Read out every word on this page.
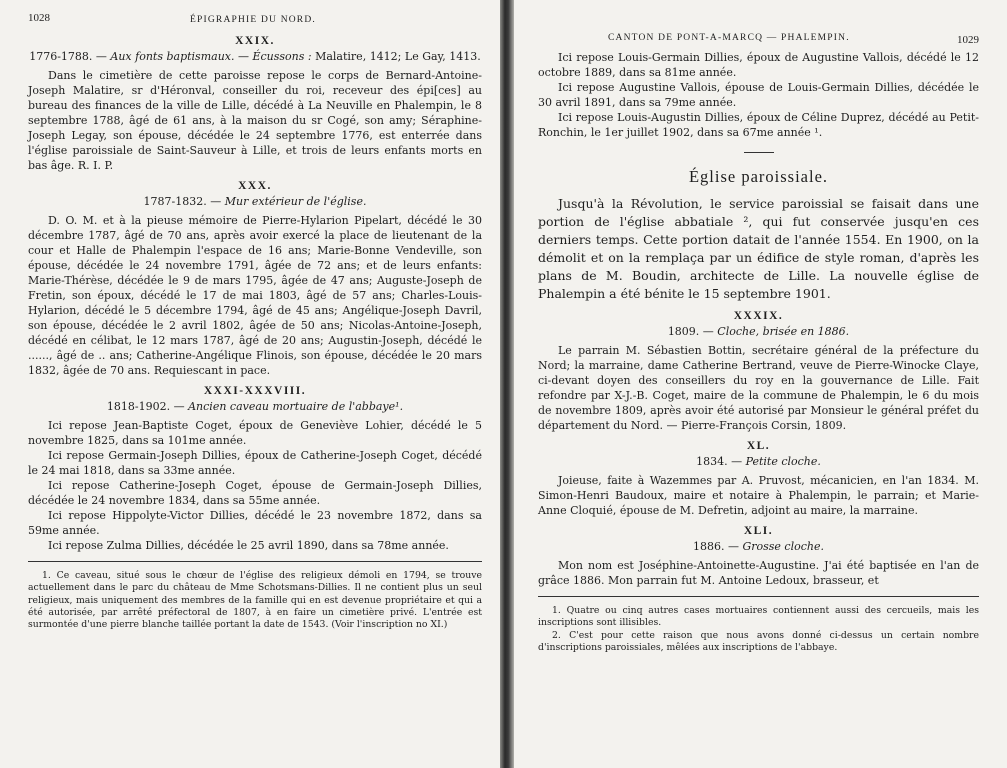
1028	ÉPIGRAPHIE DU NORD.
XXIX.
1776-1788. — Aux fonts baptismaux. — Écussons : Malatire, 1412; Le Gay, 1413.

Dans le cimetière de cette paroisse repose le corps de Bernard-Antoine-Joseph Malatire, sr d'Héronval, conseiller du roi, receveur des épi[ces] au bureau des finances de la ville de Lille, décédé à La Neuville en Phalempin, le 8 septembre 1788, âgé de 61 ans, à la maison du sr Cogé, son amy; Séraphine-Joseph Legay, son épouse, décédée le 24 septembre 1776, est enterrée dans l'église paroissiale de Saint-Sauveur à Lille, et trois de leurs enfants morts en bas âge. R. I. P.

XXX.
1787-1832. — Mur extérieur de l'église.

D. O. M. et à la pieuse mémoire de Pierre-Hylarion Pipelart, décédé le 30 décembre 1787, âgé de 70 ans, après avoir exercé la place de lieutenant de la cour et Halle de Phalempin l'espace de 16 ans; Marie-Bonne Vendeville, son épouse, décédée le 24 novembre 1791, âgée de 72 ans; et de leurs enfants: Marie-Thérèse, décédée le 9 de mars 1795, âgée de 47 ans; Auguste-Joseph de Fretin, son époux, décédé le 17 de mai 1803, âgé de 57 ans; Charles-Louis-Hylarion, décédé le 5 décembre 1794, âgé de 45 ans; Angélique-Joseph Davril, son épouse, décédée le 2 avril 1802, âgée de 50 ans; Nicolas-Antoine-Joseph, décédé en célibat, le 12 mars 1787, âgé de 20 ans; Augustin-Joseph, décédé le ......, âgé de .. ans; Catherine-Angélique Flinois, son épouse, décédée le 20 mars 1832, âgée de 70 ans. Requiescant in pace.

XXXI-XXXVIII.
1818-1902. — Ancien caveau mortuaire de l'abbaye¹.

Ici repose Jean-Baptiste Coget, époux de Geneviève Lohier, décédé le 5 novembre 1825, dans sa 101me année.

Ici repose Germain-Joseph Dillies, époux de Catherine-Joseph Coget, décédé le 24 mai 1818, dans sa 33me année.

Ici repose Catherine-Joseph Coget, épouse de Germain-Joseph Dillies, décédée le 24 novembre 1834, dans sa 55me année.

Ici repose Hippolyte-Victor Dillies, décédé le 23 novembre 1872, dans sa 59me année.

Ici repose Zulma Dillies, décédée le 25 avril 1890, dans sa 78me année.

1. Ce caveau, situé sous le chœur de l'église des religieux démoli en 1794, se trouve actuellement dans le parc du château de Mme Schotsmans-Dillies. Il ne contient plus un seul religieux, mais uniquement des membres de la famille qui en est devenue propriétaire et qui a été autorisée, par arrêté préfectoral de 1807, à en faire un cimetière privé. L'entrée est surmontée d'une pierre blanche taillée portant la date de 1543. (Voir l'inscription no XI.)

CANTON DE PONT-A-MARCQ — PHALEMPIN.	1029

Ici repose Louis-Germain Dillies, époux de Augustine Vallois, décédé le 12 octobre 1889, dans sa 81me année.

Ici repose Augustine Vallois, épouse de Louis-Germain Dillies, décédée le 30 avril 1891, dans sa 79me année.

Ici repose Louis-Augustin Dillies, époux de Céline Duprez, décédé au Petit-Ronchin, le 1er juillet 1902, dans sa 67me année ¹.

Église paroissiale.

Jusqu'à la Révolution, le service paroissial se faisait dans une portion de l'église abbatiale ², qui fut conservée jusqu'en ces derniers temps. Cette portion datait de l'année 1554. En 1900, on la démolit et on la remplaça par un édifice de style roman, d'après les plans de M. Boudin, architecte de Lille. La nouvelle église de Phalempin a été bénite le 15 septembre 1901.

XXXIX.
1809. — Cloche, brisée en 1886.

Le parrain M. Sébastien Bottin, secrétaire général de la préfecture du Nord; la marraine, dame Catherine Bertrand, veuve de Pierre-Winocke Claye, ci-devant doyen des conseillers du roy en la gouvernance de Lille. Fait refondre par X-J.-B. Coget, maire de la commune de Phalempin, le 6 du mois de novembre 1809, après avoir été autorisé par Monsieur le général préfet du département du Nord. — Pierre-François Corsin, 1809.

XL.
1834. — Petite cloche.

Joieuse, faite à Wazemmes par A. Pruvost, mécanicien, en l'an 1834. M. Simon-Henri Baudoux, maire et notaire à Phalempin, le parrain; et Marie-Anne Cloquié, épouse de M. Defretin, adjoint au maire, la marraine.

XLI.
1886. — Grosse cloche.

Mon nom est Joséphine-Antoinette-Augustine. J'ai été baptisée en l'an de grâce 1886. Mon parrain fut M. Antoine Ledoux, brasseur, et

1. Quatre ou cinq autres cases mortuaires contiennent aussi des cercueils, mais les inscriptions sont illisibles.

2. C'est pour cette raison que nous avons donné ci-dessus un certain nombre d'inscriptions paroissiales, mêlées aux inscriptions de l'abbaye.
